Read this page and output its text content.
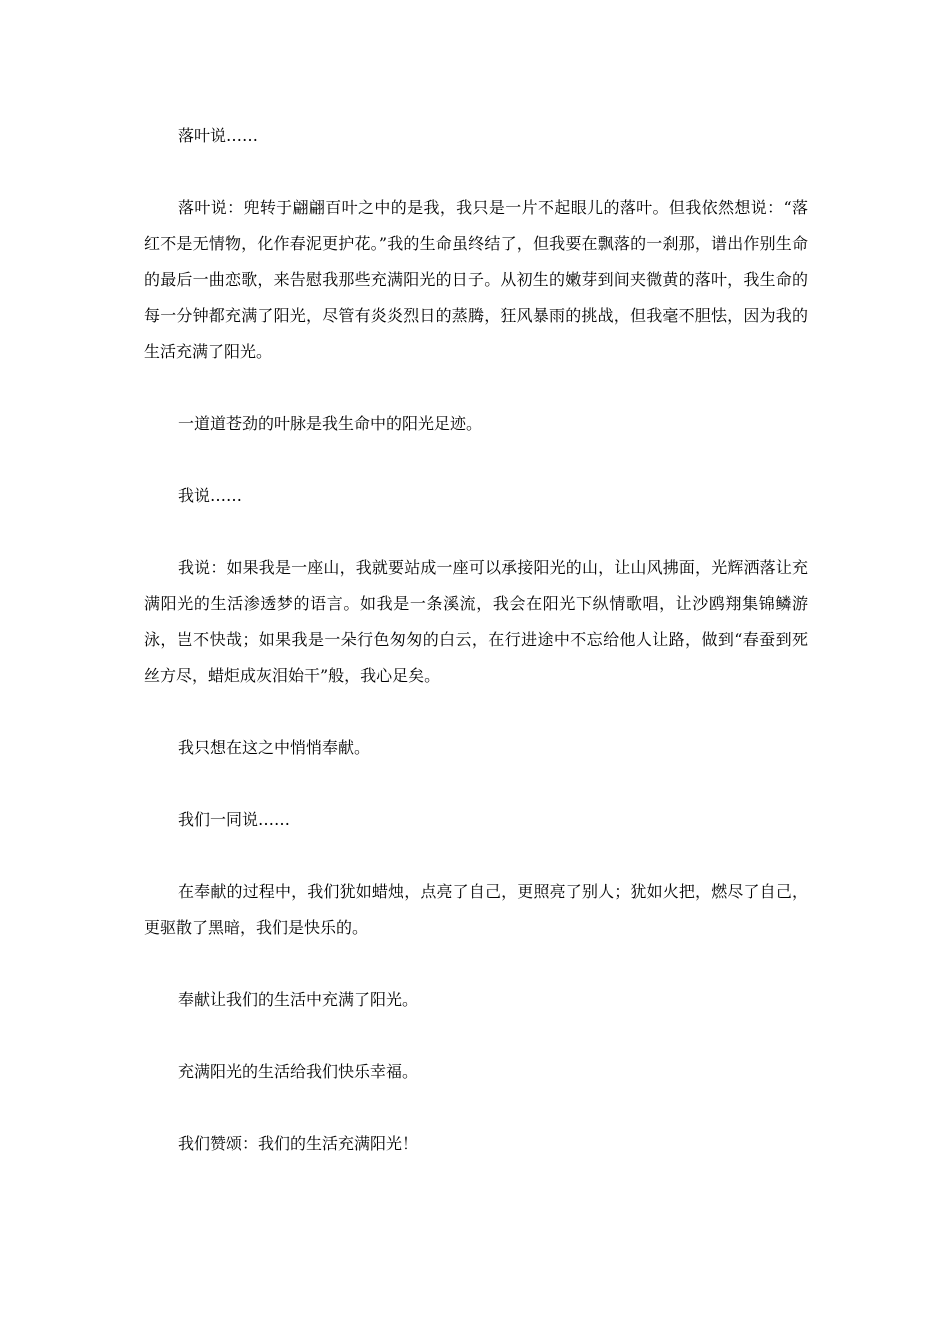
落叶说……

落叶说：兜转于翩翩百叶之中的是我，我只是一片不起眼儿的落叶。但我依然想说：“落红不是无情物，化作春泥更护花。”我的生命虽终结了，但我要在飘落的一刹那，谱出作别生命的最后一曲恋歌，来告慰我那些充满阳光的日子。从初生的嫩芽到间夹微黄的落叶，我生命的每一分钟都充满了阳光，尽管有炎炎烈日的蒸腾，狂风暴雨的挑战，但我毫不胆怯，因为我的生活充满了阳光。

一道道苍劲的叶脉是我生命中的阳光足迹。

我说……

我说：如果我是一座山，我就要站成一座可以承接阳光的山，让山风拂面，光辉洒落让充满阳光的生活渗透梦的语言。如我是一条溪流，我会在阳光下纵情歌唱，让沙鸥翔集锦鳞游泳，岂不快哉；如果我是一朵行色匆匆的白云，在行进途中不忘给他人让路，做到“春蚕到死丝方尽，蜡炬成灰泪始干”般，我心足矣。

我只想在这之中悄悄奉献。

我们一同说……

在奉献的过程中，我们犹如蜡烛，点亮了自己，更照亮了别人；犹如火把，燃尽了自己，更驱散了黑暗，我们是快乐的。

奉献让我们的生活中充满了阳光。

充满阳光的生活给我们快乐幸福。

我们赞颂：我们的生活充满阳光！
